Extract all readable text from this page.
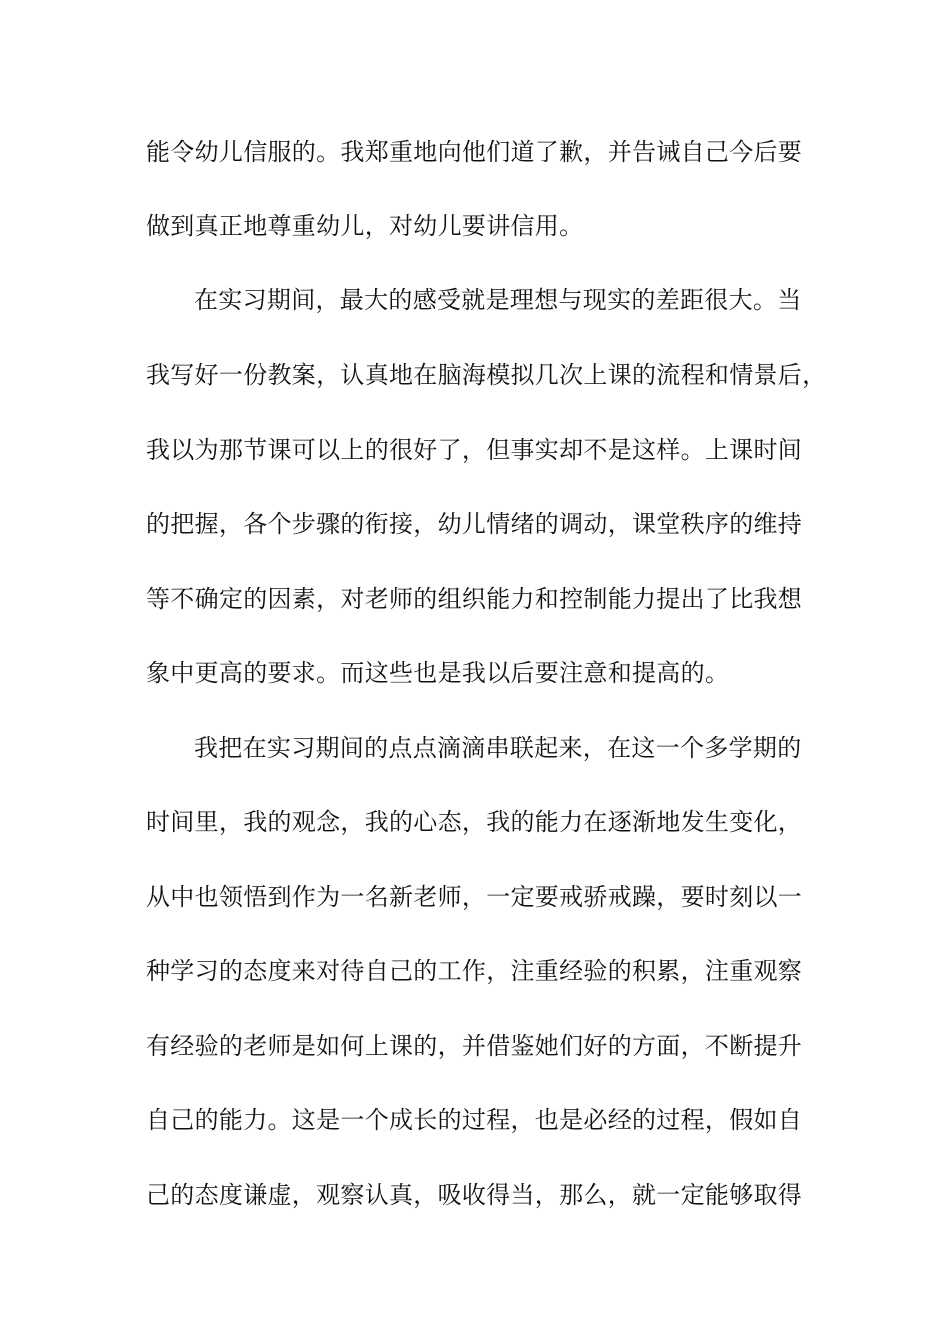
能令幼儿信服的。我郑重地向他们道了歉，并告诫自己今后要
做到真正地尊重幼儿，对幼儿要讲信用。
在实习期间，最大的感受就是理想与现实的差距很大。当
我写好一份教案，认真地在脑海模拟几次上课的流程和情景后，
我以为那节课可以上的很好了，但事实却不是这样。上课时间
的把握，各个步骤的衔接，幼儿情绪的调动，课堂秩序的维持
等不确定的因素，对老师的组织能力和控制能力提出了比我想
象中更高的要求。而这些也是我以后要注意和提高的。
我把在实习期间的点点滴滴串联起来，在这一个多学期的
时间里，我的观念，我的心态，我的能力在逐渐地发生变化，
从中也领悟到作为一名新老师，一定要戒骄戒躁，要时刻以一
种学习的态度来对待自己的工作，注重经验的积累，注重观察
有经验的老师是如何上课的，并借鉴她们好的方面，不断提升
自己的能力。这是一个成长的过程，也是必经的过程，假如自
己的态度谦虚，观察认真，吸收得当，那么，就一定能够取得
